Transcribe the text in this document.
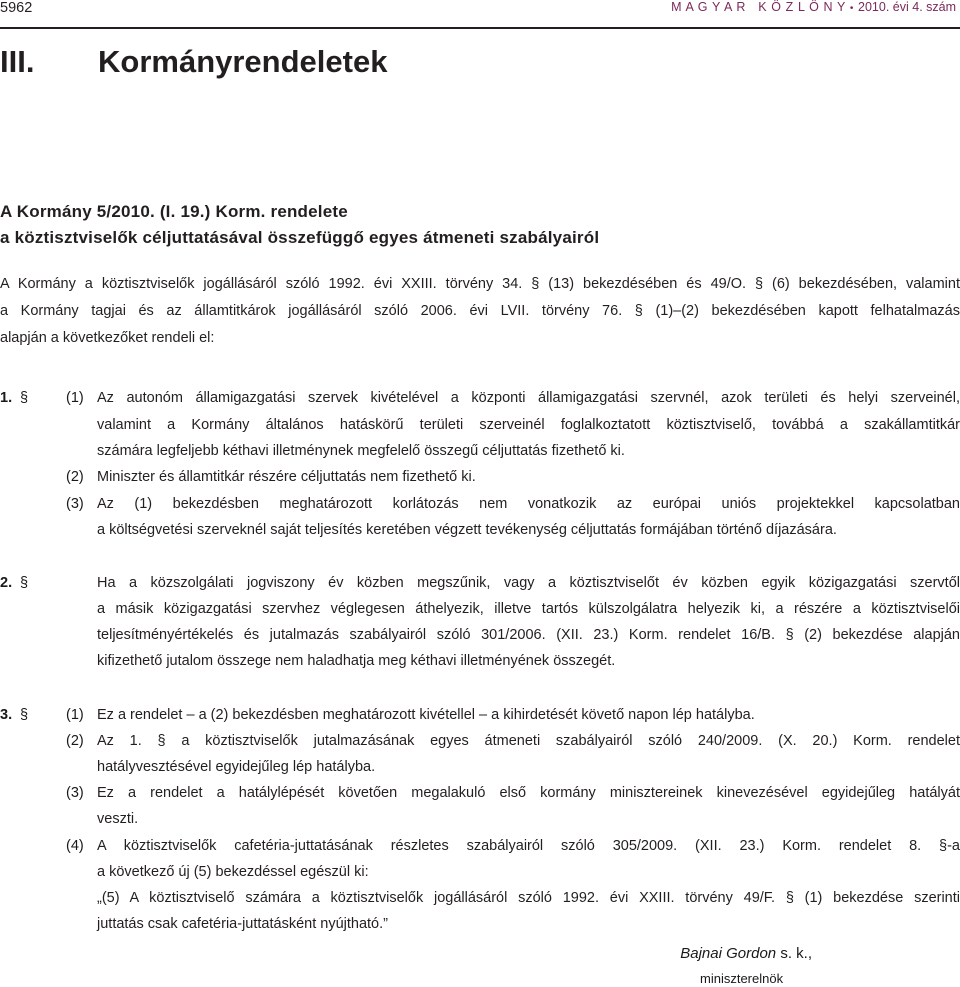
5962	M A G Y A R   K Ö Z L Ö N Y • 2010. évi 4. szám
III. Kormányrendeletek
A Kormány 5/2010. (I. 19.) Korm. rendelete
a köztisztviselők céljuttatásával összefüggő egyes átmeneti szabályairól
A Kormány a köztisztviselők jogállásáról szóló 1992. évi XXIII. törvény 34. § (13) bekezdésében és 49/O. § (6) bekezdésében, valamint
a Kormány tagjai és az államtitkárok jogállásáról szóló 2006. évi LVII. törvény 76. § (1)–(2) bekezdésében kapott felhatalmazás
alapján a következőket rendeli el:
1. §	(1) Az autonóm államigazgatási szervek kivételével a központi államigazgatási szervnél, azok területi és helyi szerveinél,
valamint a Kormány általános hatáskörű területi szerveinél foglalkoztatott köztisztviselő, továbbá a szakállamtitkár
számára legfeljebb kéthavi illetménynek megfelelő összegű céljuttatás fizethető ki.
(2) Miniszter és államtitkár részére céljuttatás nem fizethető ki.
(3) Az (1) bekezdésben meghatározott korlátozás nem vonatkozik az európai uniós projektekkel kapcsolatban
a költségvetési szerveknél saját teljesítés keretében végzett tevékenység céljuttatás formájában történő díjazására.
2. §	Ha a közszolgálati jogviszony év közben megszűnik, vagy a köztisztviselőt év közben egyik közigazgatási szervtől
a másik közigazgatási szervhez véglegesen áthelyezik, illetve tartós külszolgálatra helyezik ki, a részére a köztisztviselői
teljesítményértékelés és jutalmazás szabályairól szóló 301/2006. (XII. 23.) Korm. rendelet 16/B. § (2) bekezdése alapján
kifizethető jutalom összege nem haladhatja meg kéthavi illetményének összegét.
3. §	(1) Ez a rendelet – a (2) bekezdésben meghatározott kivétellel – a kihirdetését követő napon lép hatályba.
(2) Az 1. § a köztisztviselők jutalmazásának egyes átmeneti szabályairól szóló 240/2009. (X. 20.) Korm. rendelet
hatályvesztésével egyidejűleg lép hatályba.
(3) Ez a rendelet a hatálylépését követően megalakuló első kormány minisztereinek kinevezésével egyidejűleg hatályát
veszti.
(4) A köztisztviselők cafetéria-juttatásának részletes szabályairól szóló 305/2009. (XII. 23.) Korm. rendelet 8. §-a
a következő új (5) bekezdéssel egészül ki:
„(5) A köztisztviselő számára a köztisztviselők jogállásáról szóló 1992. évi XXIII. törvény 49/F. § (1) bekezdése szerinti
juttatás csak cafetéria-juttatásként nyújtható.”
Bajnai Gordon s. k.,
miniszterelnök
